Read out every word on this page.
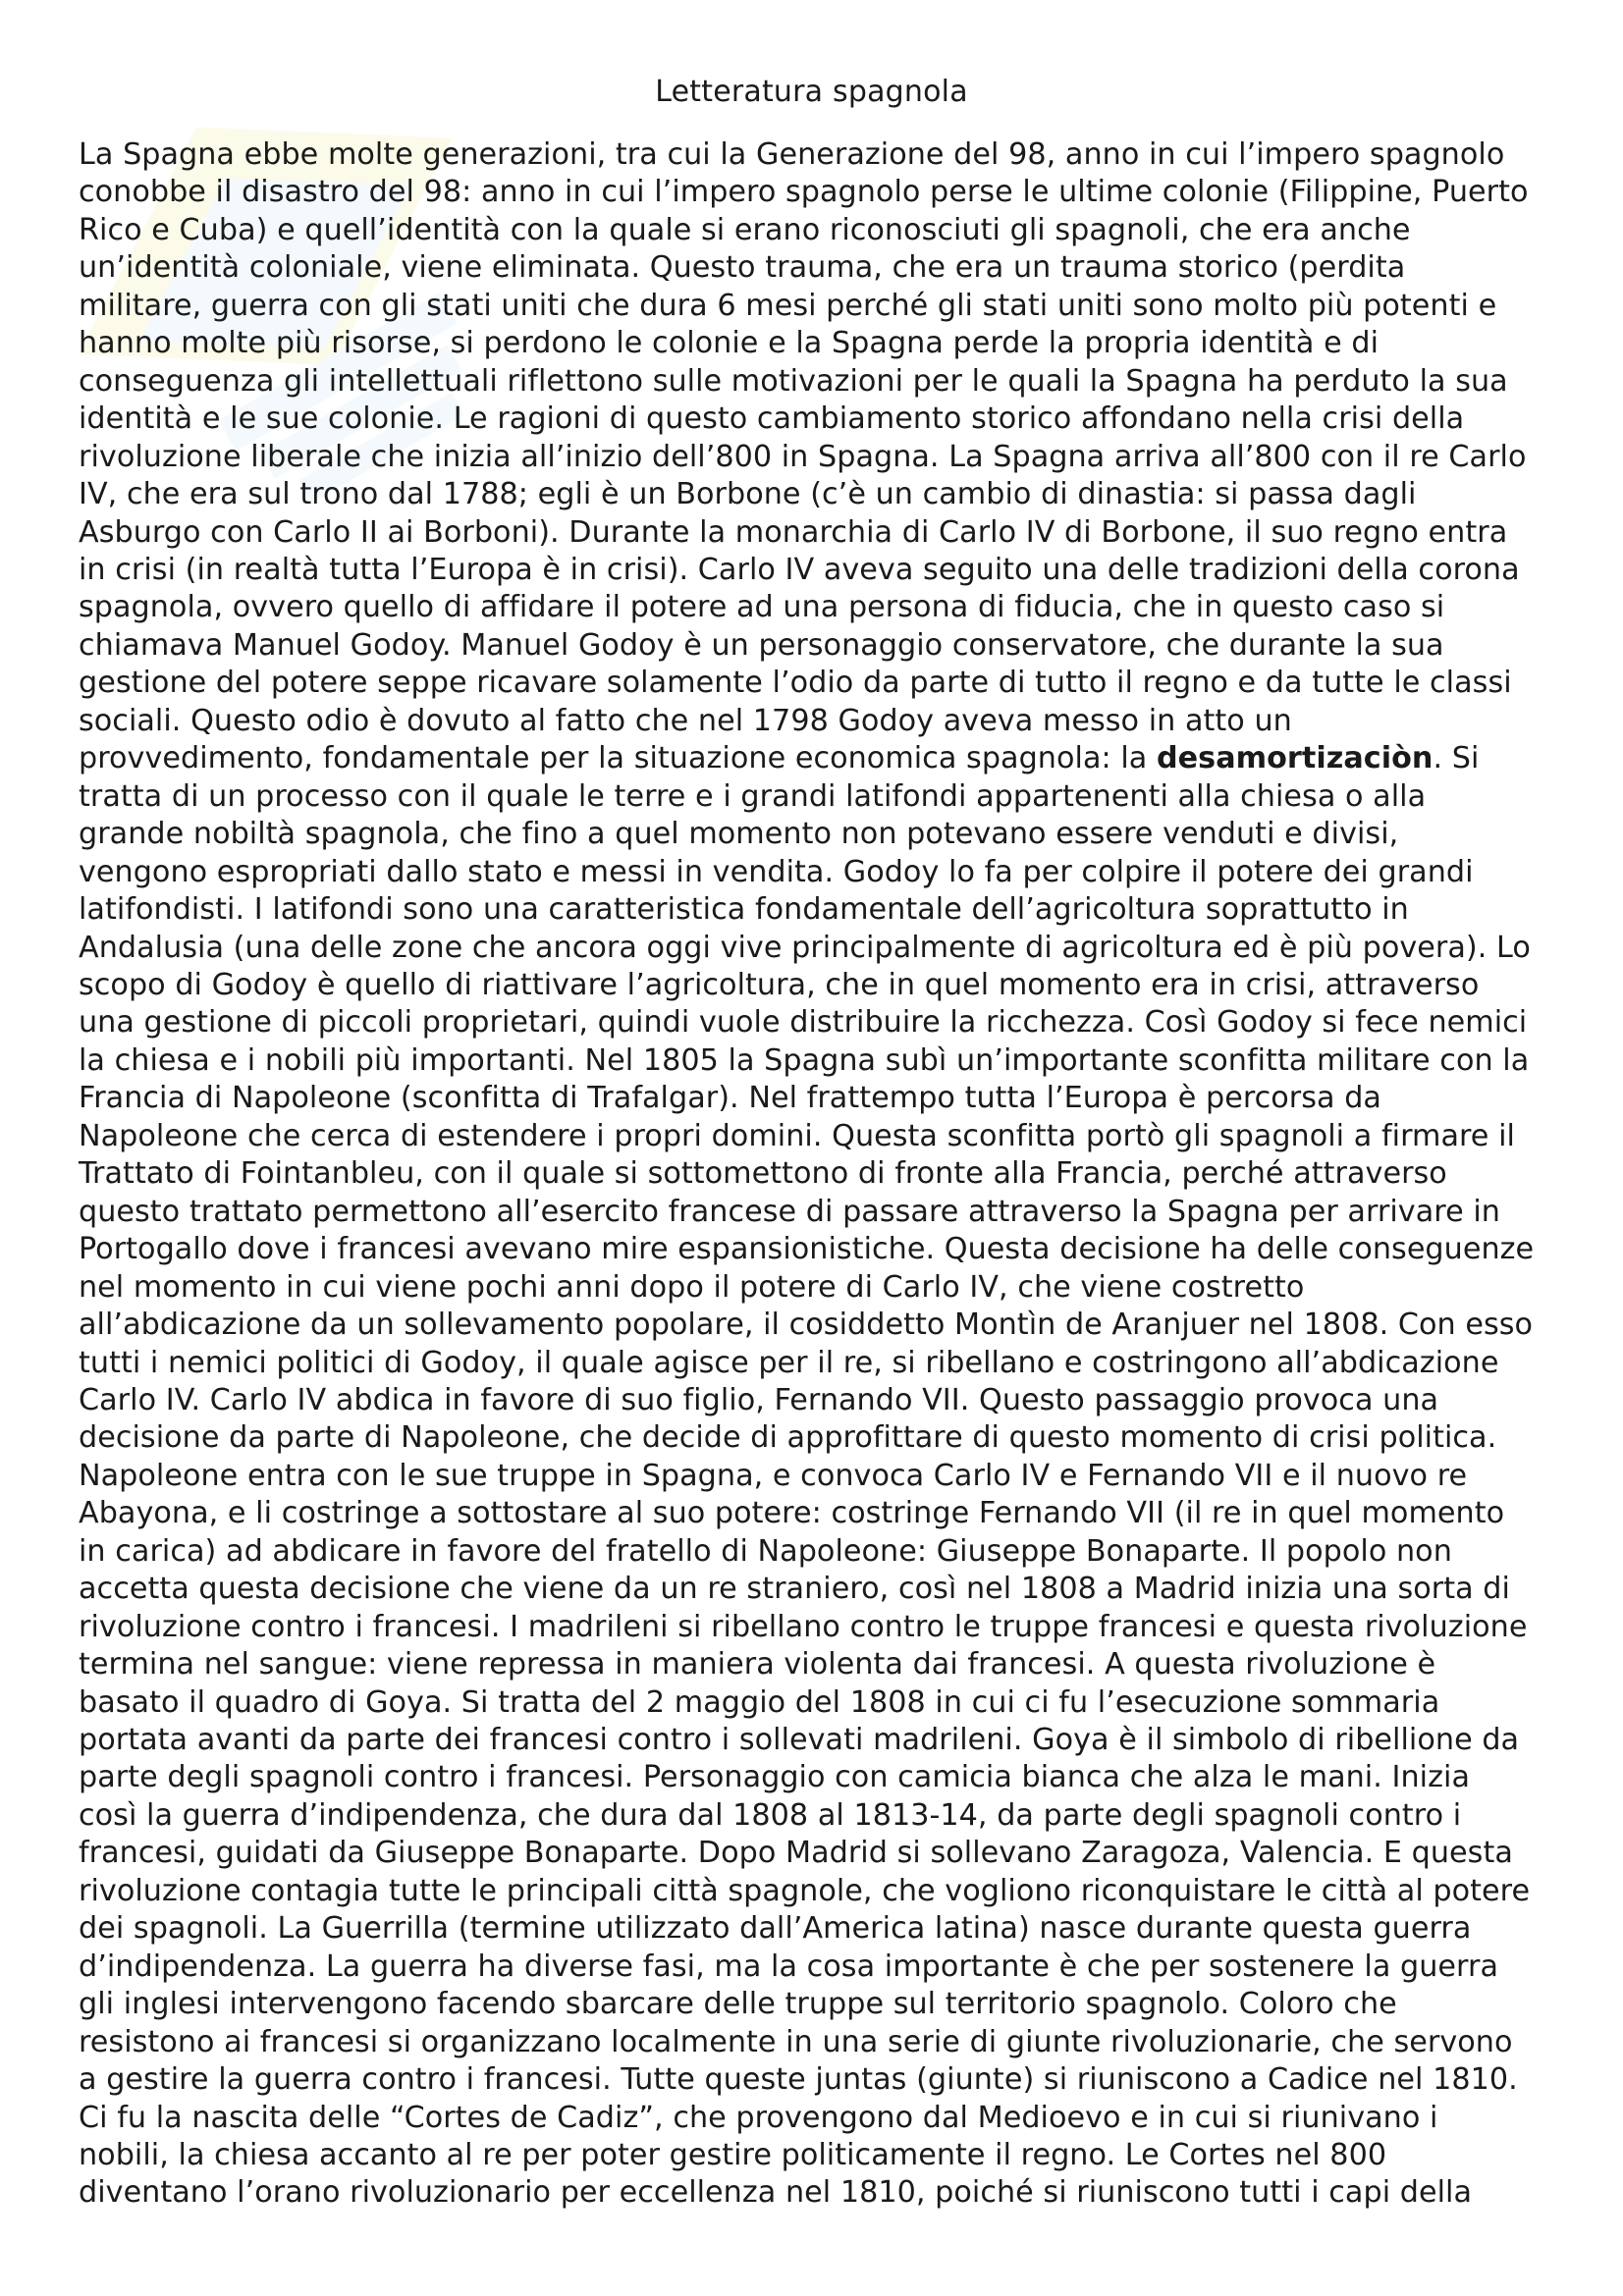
Letteratura spagnola
La Spagna ebbe molte generazioni, tra cui la Generazione del 98, anno in cui l’impero spagnolo
conobbe il disastro del 98: anno in cui l’impero spagnolo perse le ultime colonie (Filippine, Puerto
Rico e Cuba) e quell’identità con la quale si erano riconosciuti gli spagnoli, che era anche
un’identità coloniale, viene eliminata. Questo trauma, che era un trauma storico (perdita
militare, guerra con gli stati uniti che dura 6 mesi perché gli stati uniti sono molto più potenti e
hanno molte più risorse, si perdono le colonie e la Spagna perde la propria identità e di
conseguenza gli intellettuali riflettono sulle motivazioni per le quali la Spagna ha perduto la sua
identità e le sue colonie. Le ragioni di questo cambiamento storico affondano nella crisi della
rivoluzione liberale che inizia all’inizio dell’800 in Spagna. La Spagna arriva all’800 con il re Carlo
IV, che era sul trono dal 1788; egli è un Borbone (c’è un cambio di dinastia: si passa dagli
Asburgo con Carlo II ai Borboni). Durante la monarchia di Carlo IV di Borbone, il suo regno entra
in crisi (in realtà tutta l’Europa è in crisi). Carlo IV aveva seguito una delle tradizioni della corona
spagnola, ovvero quello di affidare il potere ad una persona di fiducia, che in questo caso si
chiamava Manuel Godoy. Manuel Godoy è un personaggio conservatore, che durante la sua
gestione del potere seppe ricavare solamente l’odio da parte di tutto il regno e da tutte le classi
sociali. Questo odio è dovuto al fatto che nel 1798 Godoy aveva messo in atto un
provvedimento, fondamentale per la situazione economica spagnola: la desamortizaciòn. Si
tratta di un processo con il quale le terre e i grandi latifondi appartenenti alla chiesa o alla
grande nobiltà spagnola, che fino a quel momento non potevano essere venduti e divisi,
vengono espropriati dallo stato e messi in vendita. Godoy lo fa per colpire il potere dei grandi
latifondisti. I latifondi sono una caratteristica fondamentale dell’agricoltura soprattutto in
Andalusia (una delle zone che ancora oggi vive principalmente di agricoltura ed è più povera). Lo
scopo di Godoy è quello di riattivare l’agricoltura, che in quel momento era in crisi, attraverso
una gestione di piccoli proprietari, quindi vuole distribuire la ricchezza. Così Godoy si fece nemici
la chiesa e i nobili più importanti. Nel 1805 la Spagna subì un’importante sconfitta militare con la
Francia di Napoleone (sconfitta di Trafalgar). Nel frattempo tutta l’Europa è percorsa da
Napoleone che cerca di estendere i propri domini. Questa sconfitta portò gli spagnoli a firmare il
Trattato di Fointanbleu, con il quale si sottomettono di fronte alla Francia, perché attraverso
questo trattato permettono all’esercito francese di passare attraverso la Spagna per arrivare in
Portogallo dove i francesi avevano mire espansionistiche. Questa decisione ha delle conseguenze
nel momento in cui viene pochi anni dopo il potere di Carlo IV, che viene costretto
all’abdicazione da un sollevamento popolare, il cosiddetto Montìn de Aranjuer nel 1808. Con esso
tutti i nemici politici di Godoy, il quale agisce per il re, si ribellano e costringono all’abdicazione
Carlo IV. Carlo IV abdica in favore di suo figlio, Fernando VII. Questo passaggio provoca una
decisione da parte di Napoleone, che decide di approfittare di questo momento di crisi politica.
Napoleone entra con le sue truppe in Spagna, e convoca Carlo IV e Fernando VII e il nuovo re
Abayona, e li costringe a sottostare al suo potere: costringe Fernando VII (il re in quel momento
in carica) ad abdicare in favore del fratello di Napoleone: Giuseppe Bonaparte. Il popolo non
accetta questa decisione che viene da un re straniero, così nel 1808 a Madrid inizia una sorta di
rivoluzione contro i francesi. I madrileni si ribellano contro le truppe francesi e questa rivoluzione
termina nel sangue: viene repressa in maniera violenta dai francesi. A questa rivoluzione è
basato il quadro di Goya. Si tratta del 2 maggio del 1808 in cui ci fu l’esecuzione sommaria
portata avanti da parte dei francesi contro i sollevati madrileni. Goya è il simbolo di ribellione da
parte degli spagnoli contro i francesi. Personaggio con camicia bianca che alza le mani. Inizia
così la guerra d’indipendenza, che dura dal 1808 al 1813-14, da parte degli spagnoli contro i
francesi, guidati da Giuseppe Bonaparte. Dopo Madrid si sollevano Zaragoza, Valencia. E questa
rivoluzione contagia tutte le principali città spagnole, che vogliono riconquistare le città al potere
dei spagnoli. La Guerrilla (termine utilizzato dall’America latina) nasce durante questa guerra
d’indipendenza. La guerra ha diverse fasi, ma la cosa importante è che per sostenere la guerra
gli inglesi intervengono facendo sbarcare delle truppe sul territorio spagnolo. Coloro che
resistono ai francesi si organizzano localmente in una serie di giunte rivoluzionarie, che servono
a gestire la guerra contro i francesi. Tutte queste juntas (giunte) si riuniscono a Cadice nel 1810.
Ci fu la nascita delle “Cortes de Cadiz”, che provengono dal Medioevo e in cui si riunivano i
nobili, la chiesa accanto al re per poter gestire politicamente il regno. Le Cortes nel 800
diventano l’orano rivoluzionario per eccellenza nel 1810, poiché si riuniscono tutti i capi della
